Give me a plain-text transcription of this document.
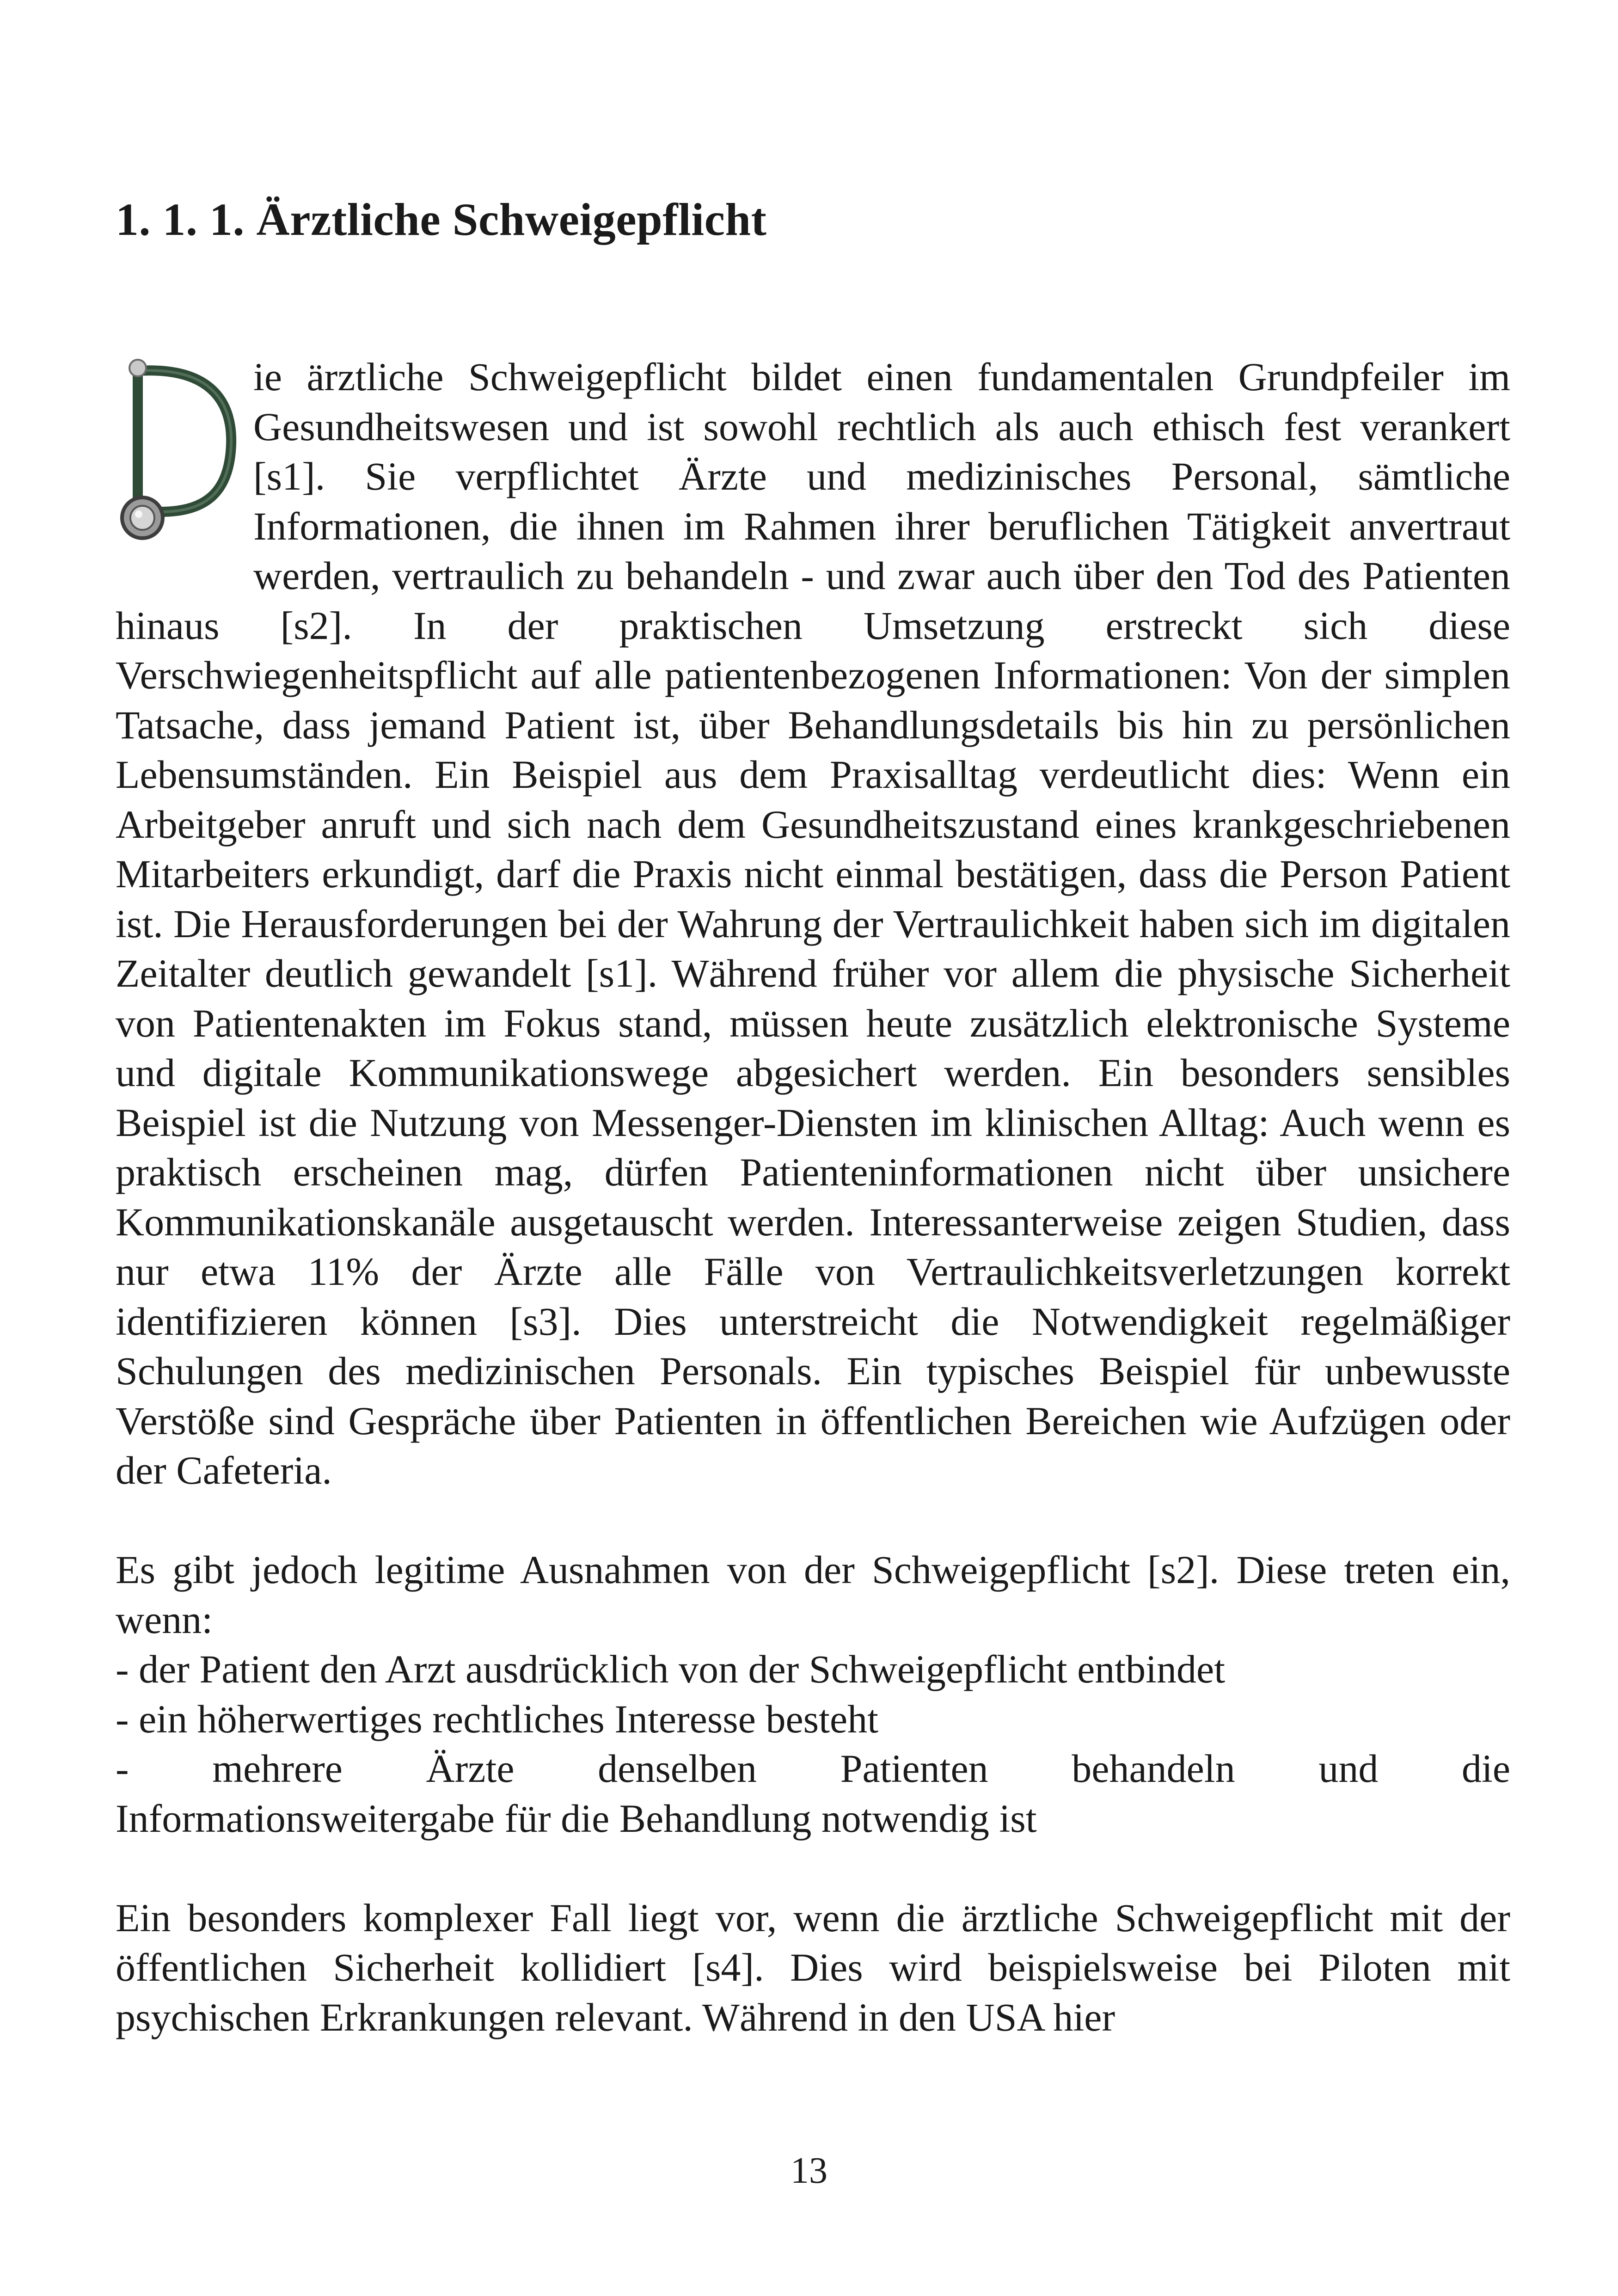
1. 1. 1. Ärztliche Schweigepflicht

ie ärztliche Schweigepflicht bildet einen fundamentalen Grundpfeiler im Gesundheitswesen und ist sowohl rechtlich als auch ethisch fest verankert [s1]. Sie verpflichtet Ärzte und medizinisches Personal, sämtliche Informationen, die ihnen im Rahmen ihrer beruflichen Tätigkeit anvertraut werden, vertraulich zu behandeln - und zwar auch über den Tod des Patienten hinaus [s2]. In der praktischen Umsetzung erstreckt sich diese Verschwiegenheitspflicht auf alle patientenbezogenen Informationen: Von der simplen Tatsache, dass jemand Patient ist, über Behandlungsdetails bis hin zu persönlichen Lebensumständen. Ein Beispiel aus dem Praxisalltag verdeutlicht dies: Wenn ein Arbeitgeber anruft und sich nach dem Gesundheitszustand eines krankgeschriebenen Mitarbeiters erkundigt, darf die Praxis nicht einmal bestätigen, dass die Person Patient ist. Die Herausforderungen bei der Wahrung der Vertraulichkeit haben sich im digitalen Zeitalter deutlich gewandelt [s1]. Während früher vor allem die physische Sicherheit von Patientenakten im Fokus stand, müssen heute zusätzlich elektronische Systeme und digitale Kommunikationswege abgesichert werden. Ein besonders sensibles Beispiel ist die Nutzung von Messenger-Diensten im klinischen Alltag: Auch wenn es praktisch erscheinen mag, dürfen Patienteninformationen nicht über unsichere Kommunikationskanäle ausgetauscht werden. Interessanterweise zeigen Studien, dass nur etwa 11% der Ärzte alle Fälle von Vertraulichkeitsverletzungen korrekt identifizieren können [s3]. Dies unterstreicht die Notwendigkeit regelmäßiger Schulungen des medizinischen Personals. Ein typisches Beispiel für unbewusste Verstöße sind Gespräche über Patienten in öffentlichen Bereichen wie Aufzügen oder der Cafeteria.

Es gibt jedoch legitime Ausnahmen von der Schweigepflicht [s2]. Diese treten ein, wenn:

- der Patient den Arzt ausdrücklich von der Schweigepflicht entbindet
- ein höherwertiges rechtliches Interesse besteht
- mehrere Ärzte denselben Patienten behandeln und die
Informationsweitergabe für die Behandlung notwendig ist

Ein besonders komplexer Fall liegt vor, wenn die ärztliche Schweigepflicht mit der öffentlichen Sicherheit kollidiert [s4]. Dies wird beispielsweise bei Piloten mit psychischen Erkrankungen relevant. Während in den USA hier

13
